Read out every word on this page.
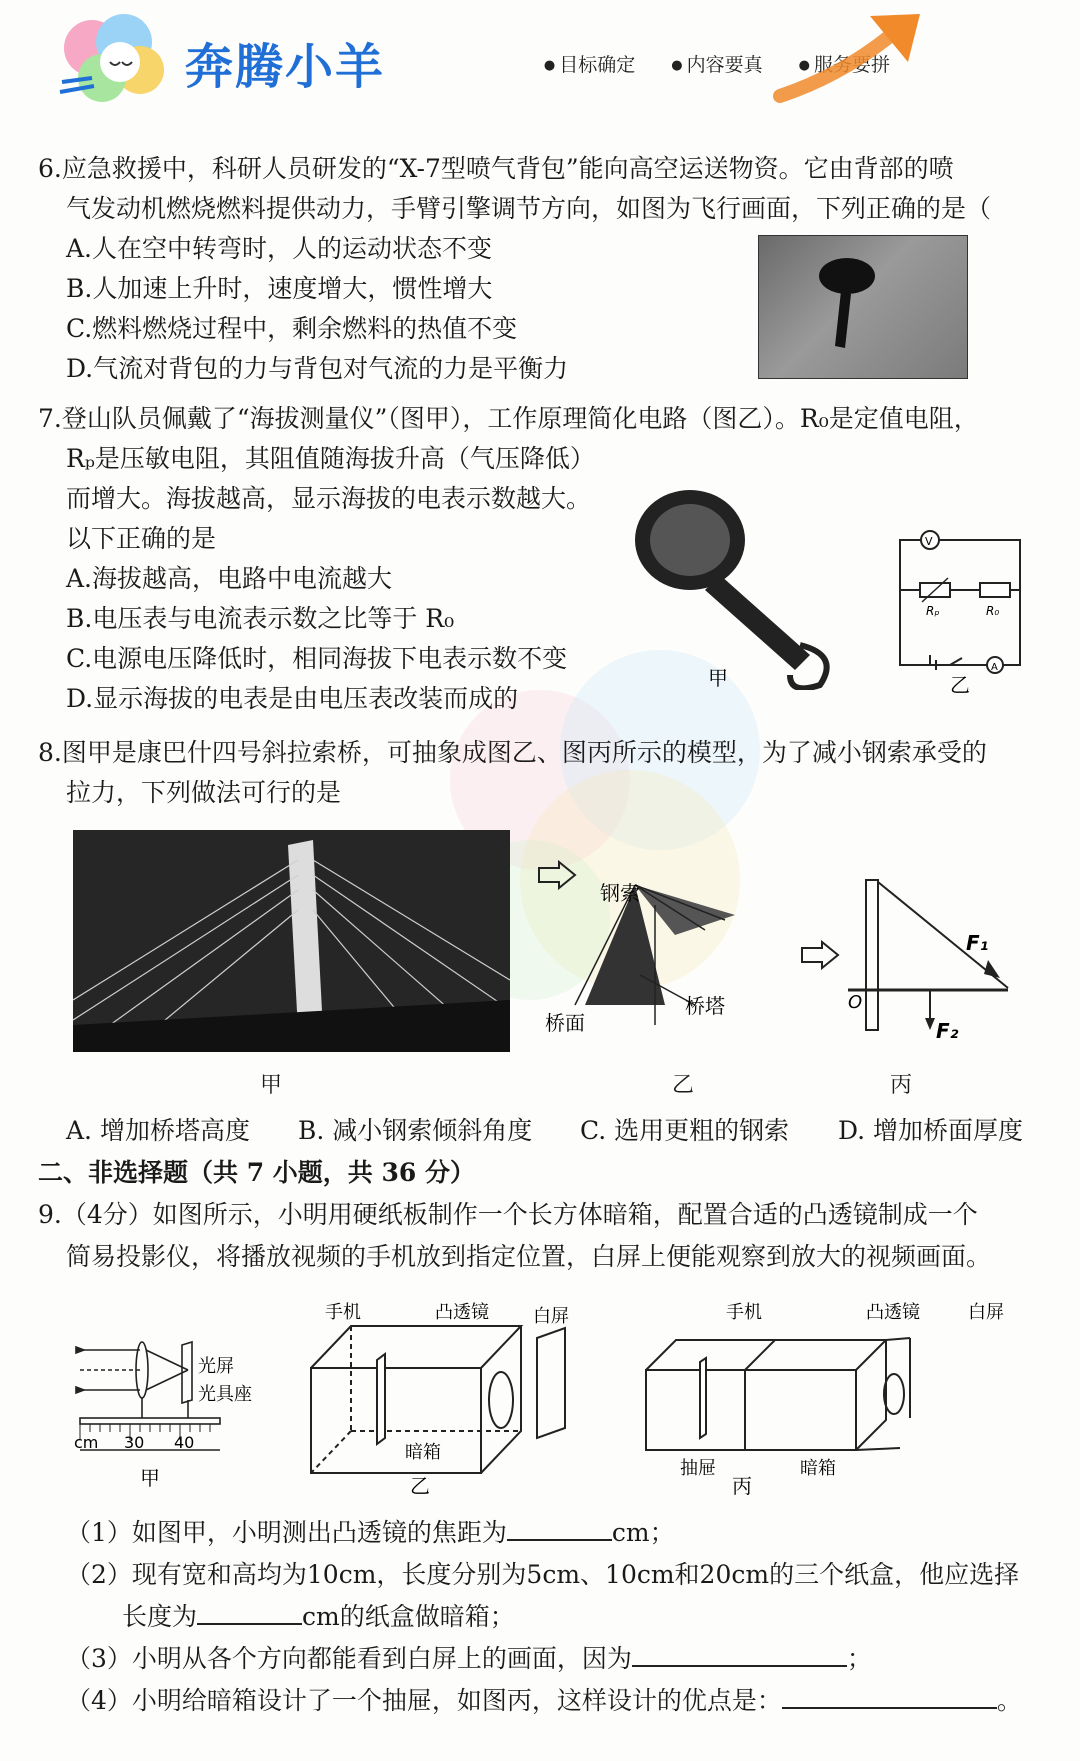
奔腾小羊	● 目标确定	● 内容要真	● 服务要拼
6.应急救援中，科研人员研发的“X-7型喷气背包”能向高空运送物资。它由背部的喷
气发动机燃烧燃料提供动力，手臂引擎调节方向，如图为飞行画面，下列正确的是（
A.人在空中转弯时，人的运动状态不变
B.人加速上升时，速度增大，惯性增大
C.燃料燃烧过程中，剩余燃料的热值不变
D.气流对背包的力与背包对气流的力是平衡力
7.登山队员佩戴了“海拔测量仪”（图甲），工作原理简化电路（图乙）。R₀是定值电阻，
Rₚ是压敏电阻，其阻值随海拔升高（气压降低）
而增大。海拔越高，显示海拔的电表示数越大。
以下正确的是
A.海拔越高，电路中电流越大
B.电压表与电流表示数之比等于 R₀
C.电源电压降低时，相同海拔下电表示数不变
D.显示海拔的电表是由电压表改装而成的
甲
V
A
Rₚ	R₀
乙
8.图甲是康巴什四号斜拉索桥，可抽象成图乙、图丙所示的模型，为了减小钢索承受的
拉力，下列做法可行的是
甲
钢索
桥面
桥塔
乙
O
F₁
F₂
丙
A. 增加桥塔高度 B. 减小钢索倾斜角度 C. 选用更粗的钢索 D. 增加桥面厚度
二、非选择题（共 7 小题，共 36 分）
9.（4分）如图所示，小明用硬纸板制作一个长方体暗箱，配置合适的凸透镜制成一个
简易投影仪，将播放视频的手机放到指定位置，白屏上便能观察到放大的视频画面。
光屏
光具座
cm 30 40
甲
手机	凸透镜 白屏
暗箱
乙
手机	凸透镜	白屏
抽屉	暗箱
丙
（1）如图甲，小明测出凸透镜的焦距为	cm；
（2）现有宽和高均为10cm，长度分别为5cm、10cm和20cm的三个纸盒，他应选择
长度为	cm的纸盒做暗箱；
（3）小明从各个方向都能看到白屏上的画面，因为	；
（4）小明给暗箱设计了一个抽屉，如图丙，这样设计的优点是：	。
